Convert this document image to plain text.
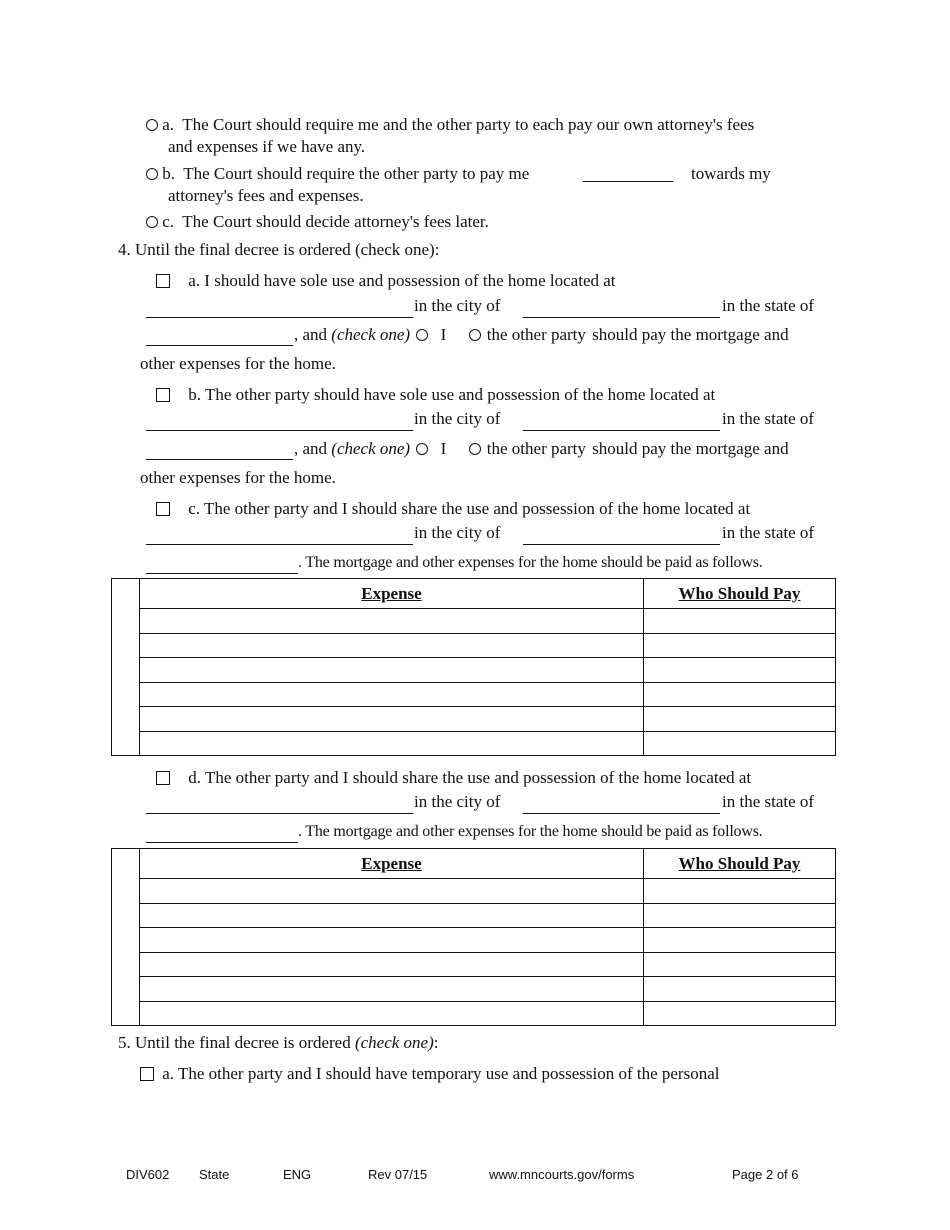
a. The Court should require me and the other party to each pay our own attorney's fees
and expenses if we have any.
b. The Court should require the other party to pay me	towards my
attorney's fees and expenses.
c. The Court should decide attorney's fees later.
4. Until the final decree is ordered (check one):
a. I should have sole use and possession of the home located at
in the city of	in the state of
, and (check one) I the other party should pay the mortgage and
other expenses for the home.
b. The other party should have sole use and possession of the home located at
in the city of	in the state of
, and (check one) I the other party should pay the mortgage and
other expenses for the home.
c. The other party and I should share the use and possession of the home located at
in the city of	in the state of
. The mortgage and other expenses for the home should be paid as follows.
	Expense	Who Should Pay

d. The other party and I should share the use and possession of the home located at
in the city of	in the state of
. The mortgage and other expenses for the home should be paid as follows.
	Expense	Who Should Pay

5. Until the final decree is ordered (check one):
a. The other party and I should have temporary use and possession of the personal
DIV602 State	ENG	Rev 07/15	www.mncourts.gov/forms	Page 2 of 6
